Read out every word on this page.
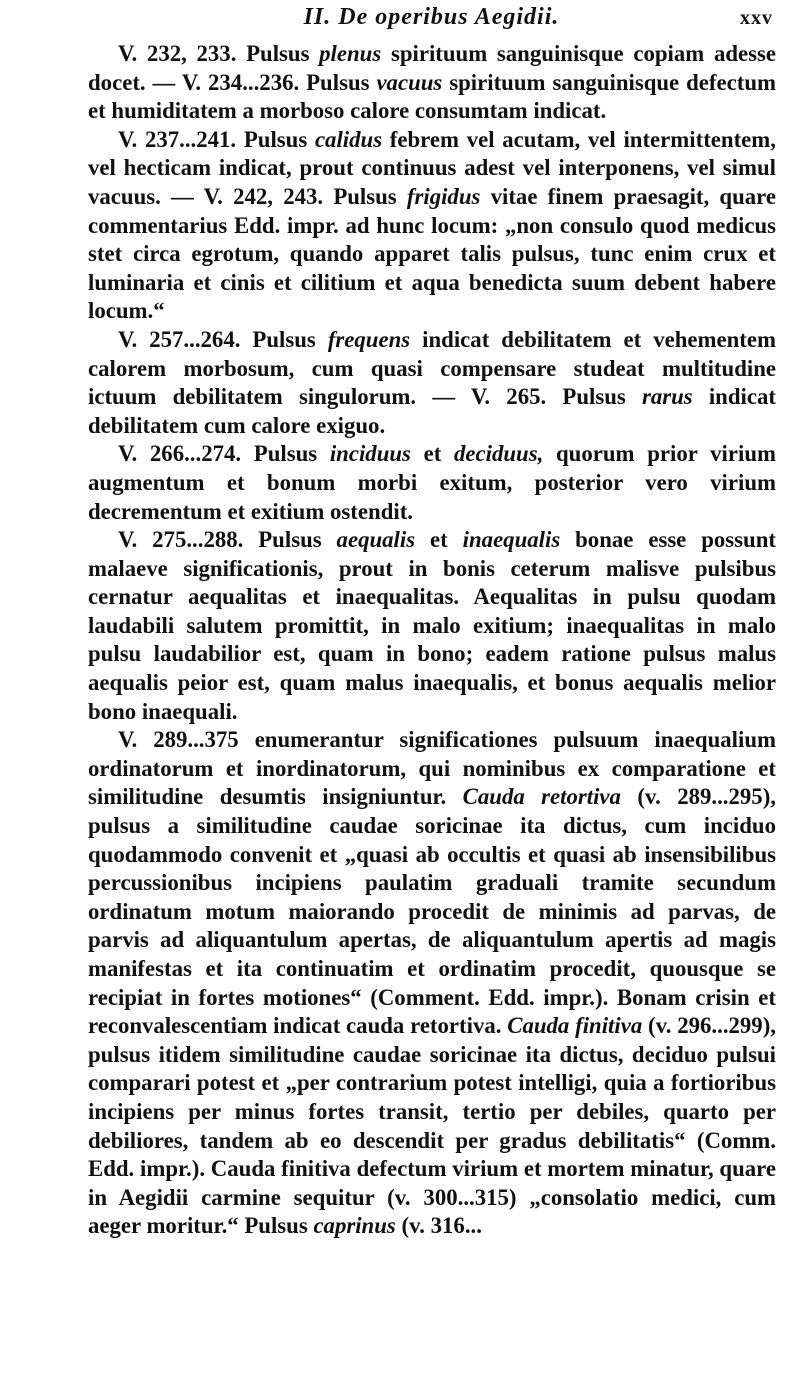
II. De operibus Aegidii.	xxv

V. 232, 233. Pulsus plenus spirituum sanguinisque copiam adesse docet. — V. 234...236. Pulsus vacuus spirituum sanguinisque defectum et humiditatem a morboso calore consumtam indicat.

V. 237...241. Pulsus calidus febrem vel acutam, vel intermittentem, vel hecticam indicat, prout continuus adest vel interponens, vel simul vacuus. — V. 242, 243. Pulsus frigidus vitae finem praesagit, quare commentarius Edd. impr. ad hunc locum: „non consulo quod medicus stet circa egrotum, quando apparet talis pulsus, tunc enim crux et luminaria et cinis et cilitium et aqua benedicta suum debent habere locum.“

V. 257...264. Pulsus frequens indicat debilitatem et vehementem calorem morbosum, cum quasi compensare studeat multitudine ictuum debilitatem singulorum. — V. 265. Pulsus rarus indicat debilitatem cum calore exiguo.

V. 266...274. Pulsus inciduus et deciduus, quorum prior virium augmentum et bonum morbi exitum, posterior vero virium decrementum et exitium ostendit.

V. 275...288. Pulsus aequalis et inaequalis bonae esse possunt malaeve significationis, prout in bonis ceterum malisve pulsibus cernatur aequalitas et inaequalitas. Aequalitas in pulsu quodam laudabili salutem promittit, in malo exitium; inaequalitas in malo pulsu laudabilior est, quam in bono; eadem ratione pulsus malus aequalis peior est, quam malus inaequalis, et bonus aequalis melior bono inaequali.

V. 289...375 enumerantur significationes pulsuum inaequalium ordinatorum et inordinatorum, qui nominibus ex comparatione et similitudine desumtis insigniuntur. Cauda retortiva (v. 289...295), pulsus a similitudine caudae soricinae ita dictus, cum inciduo quodammodo convenit et „quasi ab occultis et quasi ab insensibilibus percussionibus incipiens paulatim graduali tramite secundum ordinatum motum maiorando procedit de minimis ad parvas, de parvis ad aliquantulum apertas, de aliquantulum apertis ad magis manifestas et ita continuatim et ordinatim procedit, quousque se recipiat in fortes motiones“ (Comment. Edd. impr.). Bonam crisin et reconvalescentiam indicat cauda retortiva. Cauda finitiva (v. 296...299), pulsus itidem similitudine caudae soricinae ita dictus, deciduo pulsui comparari potest et „per contrarium potest intelligi, quia a fortioribus incipiens per minus fortes transit, tertio per debiles, quarto per debiliores, tandem ab eo descendit per gradus debilitatis“ (Comm. Edd. impr.). Cauda finitiva defectum virium et mortem minatur, quare in Aegidii carmine sequitur (v. 300...315) „consolatio medici, cum aeger moritur.“ Pulsus caprinus (v. 316...
